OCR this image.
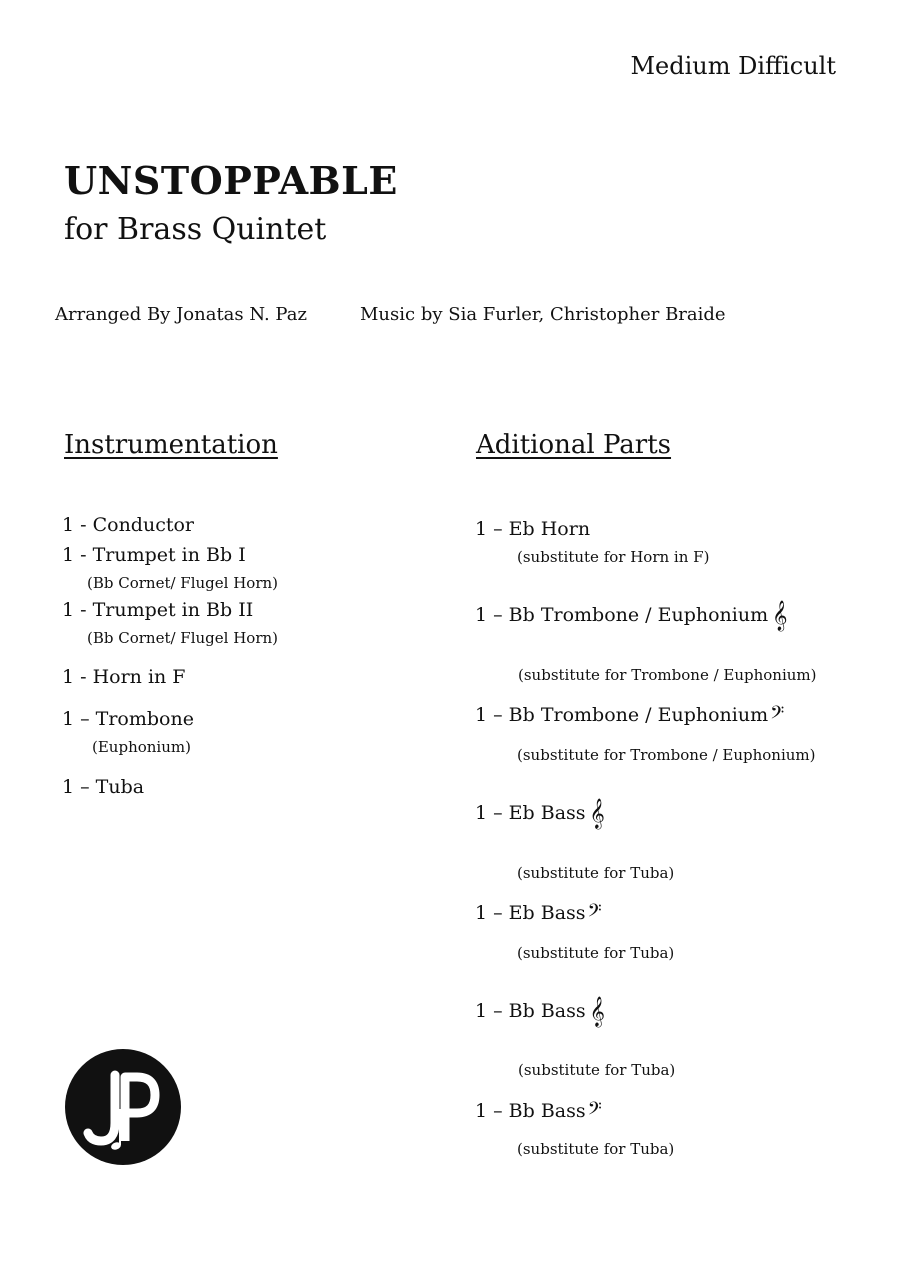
Medium Difficult
UNSTOPPABLE
for Brass Quintet
Arranged By Jonatas N. Paz	Music by Sia Furler, Christopher Braide
Instrumentation	Aditional Parts
1 - Conductor
1 - Trumpet in Bb I
(Bb Cornet/ Flugel Horn)
1 - Trumpet in Bb II
(Bb Cornet/ Flugel Horn)
1 - Horn in F
1 – Trombone
(Euphonium)
1 – Tuba
1 – Eb Horn
(substitute for Horn in F)
1 – Bb Trombone / Euphonium 𝄞
(substitute for Trombone / Euphonium)
1 – Bb Trombone / Euphonium𝄢
(substitute for Trombone / Euphonium)
1 – Eb Bass 𝄞
(substitute for Tuba)
1 – Eb Bass𝄢
(substitute for Tuba)
1 – Bb Bass 𝄞
(substitute for Tuba)
1 – Bb Bass𝄢
(substitute for Tuba)
